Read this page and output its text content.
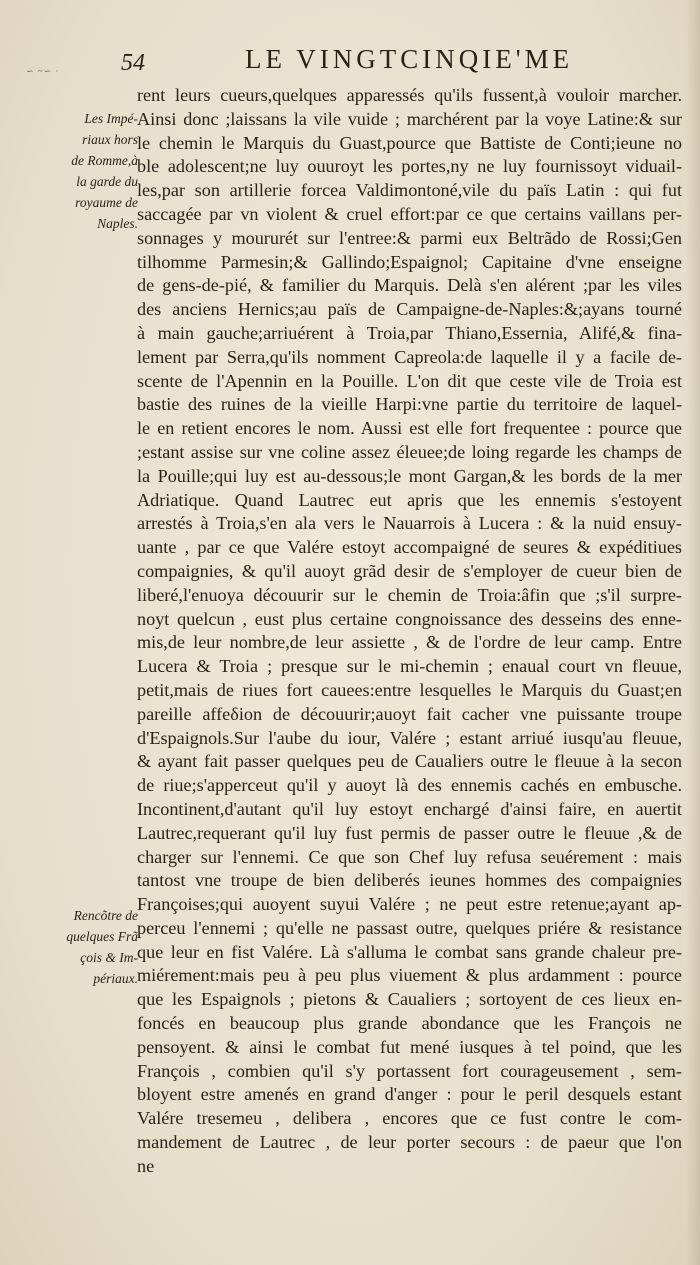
∽ ~∽ ·	54	LE VINGTCINQIE'ME
Les Impé-
riaux hors
de Romme,à
la garde du
royaume de
Naples.
Rencõtre de
quelques Frã
çois & Im-
périaux.
rent leurs cueurs,quelques apparessés qu'ils fussent,à vouloir marcher.
Ainsi donc ;laissans la vile vuide ; marchérent par la voye Latine:& sur
le chemin le Marquis du Guast,pource que Battiste de Conti;ieune no
ble adolescent;ne luy ouuroyt les portes,ny ne luy fournissoyt viduail-
les,par son artillerie forcea Valdimontoné,vile du païs Latin : qui fut
saccagée par vn violent & cruel effort:par ce que certains vaillans per-
sonnages y moururét sur l'entree:& parmi eux Beltrãdo de Rossi;Gen
tilhomme Parmesin;& Gallindo;Espaignol; Capitaine d'vne enseigne
de gens-de-pié, & familier du Marquis. Delà s'en alérent ;par les viles
des anciens Hernics;au païs de Campaigne-de-Naples:&;ayans tourné
à main gauche;arriuérent à Troia,par Thiano,Essernia, Alifé,& fina-
lement par Serra,qu'ils nomment Capreola:de laquelle il y a facile de-
scente de l'Apennin en la Pouille. L'on dit que ceste vile de Troia est
bastie des ruines de la vieille Harpi:vne partie du territoire de laquel-
le en retient encores le nom. Aussi est elle fort frequentee : pource que
;estant assise sur vne coline assez éleuee;de loing regarde les champs de
la Pouille;qui luy est au-dessous;le mont Gargan,& les bords de la mer
Adriatique. Quand Lautrec eut apris que les ennemis s'estoyent
arrestés à Troia,s'en ala vers le Nauarrois à Lucera : & la nuid ensuy-
uante , par ce que Valére estoyt accompaigné de seures & expéditiues
compaignies, & qu'il auoyt grãd desir de s'employer de cueur bien de
liberé,l'enuoya découurir sur le chemin de Troia:âfin que ;s'il surpre-
noyt quelcun , eust plus certaine congnoissance des desseins des enne-
mis,de leur nombre,de leur assiette , & de l'ordre de leur camp. Entre
Lucera & Troia ; presque sur le mi-chemin ; enaual court vn fleuue,
petit,mais de riues fort cauees:entre lesquelles le Marquis du Guast;en
pareille affeδion de découurir;auoyt fait cacher vne puissante troupe
d'Espaignols.Sur l'aube du iour, Valére ; estant arriué iusqu'au fleuue,
& ayant fait passer quelques peu de Caualiers outre le fleuue à la secon
de riue;s'apperceut qu'il y auoyt là des ennemis cachés en embusche.
Incontinent,d'autant qu'il luy estoyt enchargé d'ainsi faire, en auertit
Lautrec,requerant qu'il luy fust permis de passer outre le fleuue ,& de
charger sur l'ennemi. Ce que son Chef luy refusa seuérement : mais
tantost vne troupe de bien deliberés ieunes hommes des compaignies
Françoises;qui auoyent suyui Valére ; ne peut estre retenue;ayant ap-
perceu l'ennemi ; qu'elle ne passast outre, quelques priére & resistance
que leur en fist Valére. Là s'alluma le combat sans grande chaleur pre-
miérement:mais peu à peu plus viuement & plus ardamment : pource
que les Espaignols ; pietons & Caualiers ; sortoyent de ces lieux en-
foncés en beaucoup plus grande abondance que les François ne
pensoyent. & ainsi le combat fut mené iusques à tel poind, que les
François , combien qu'il s'y portassent fort courageusement , sem-
bloyent estre amenés en grand d'anger : pour le peril desquels estant
Valére tresemeu , delibera , encores que ce fust contre le com-
mandement de Lautrec , de leur porter secours : de paeur que l'on
ne
